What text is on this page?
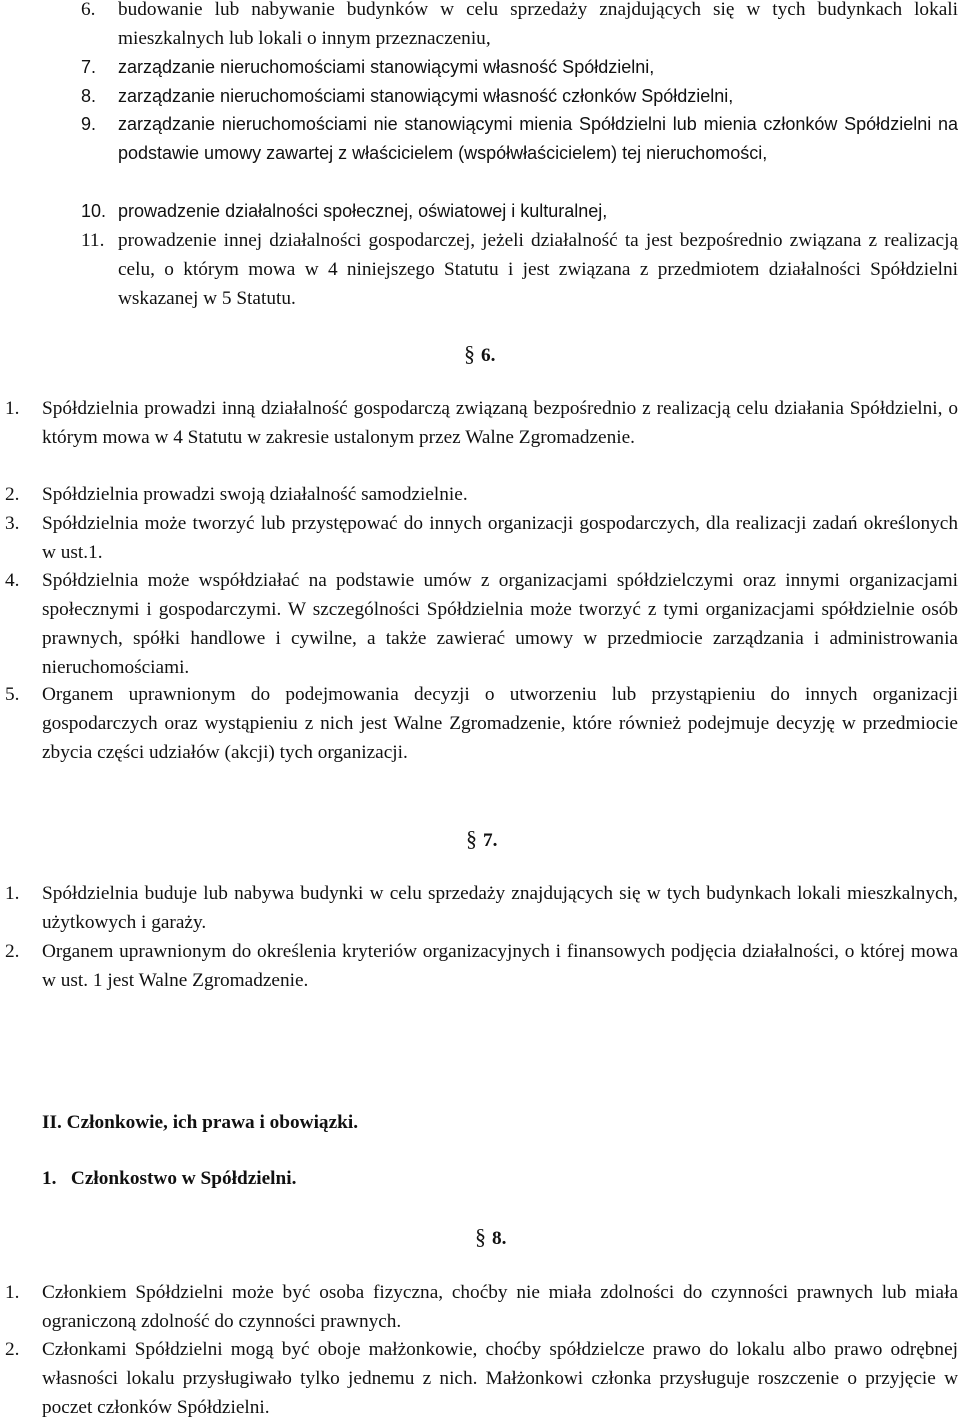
6. budowanie lub nabywanie budynków w celu sprzedaży znajdujących się w tych budynkach lokali mieszkalnych lub lokali o innym przeznaczeniu,
7. zarządzanie nieruchomościami stanowiącymi własność Spółdzielni,
8. zarządzanie nieruchomościami stanowiącymi własność członków Spółdzielni,
9. zarządzanie nieruchomościami nie stanowiącymi mienia Spółdzielni lub mienia członków Spółdzielni na podstawie umowy zawartej z właścicielem (współwłaścicielem) tej nieruchomości,
10. prowadzenie działalności społecznej, oświatowej i kulturalnej,
11. prowadzenie innej działalności gospodarczej, jeżeli działalność ta jest bezpośrednio związana z realizacją celu, o którym mowa w 4 niniejszego Statutu i jest związana z przedmiotem działalności Spółdzielni wskazanej w 5 Statutu.
§ 6.
1. Spółdzielnia prowadzi inną działalność gospodarczą związaną bezpośrednio z realizacją celu działania Spółdzielni, o którym mowa w 4 Statutu w zakresie ustalonym przez Walne Zgromadzenie.
2. Spółdzielnia prowadzi swoją działalność samodzielnie.
3. Spółdzielnia może tworzyć lub przystępować do innych organizacji gospodarczych, dla realizacji zadań określonych w ust.1.
4. Spółdzielnia może współdziałać na podstawie umów z organizacjami spółdzielczymi oraz innymi organizacjami społecznymi i gospodarczymi. W szczególności Spółdzielnia może tworzyć z tymi organizacjami spółdzielnie osób prawnych, spółki handlowe i cywilne, a także zawierać umowy w przedmiocie zarządzania i administrowania nieruchomościami.
5. Organem uprawnionym do podejmowania decyzji o utworzeniu lub przystąpieniu do innych organizacji gospodarczych oraz wystąpieniu z nich jest Walne Zgromadzenie, które również podejmuje decyzję w przedmiocie zbycia części udziałów (akcji) tych organizacji.
§ 7.
1. Spółdzielnia buduje lub nabywa budynki w celu sprzedaży znajdujących się w tych budynkach lokali mieszkalnych, użytkowych i garaży.
2. Organem uprawnionym do określenia kryteriów organizacyjnych i finansowych podjęcia działalności, o której mowa w ust. 1 jest Walne Zgromadzenie.
II. Członkowie, ich prawa i obowiązki.
1.   Członkostwo w Spółdzielni.
§ 8.
1. Członkiem Spółdzielni może być osoba fizyczna, choćby nie miała zdolności do czynności prawnych lub miała ograniczoną zdolność do czynności prawnych.
2. Członkami Spółdzielni mogą być oboje małżonkowie, choćby spółdzielcze prawo do lokalu albo prawo odrębnej własności lokalu przysługiwało tylko jednemu z nich. Małżonkowi członka przysługuje roszczenie o przyjęcie w poczet członków Spółdzielni.
